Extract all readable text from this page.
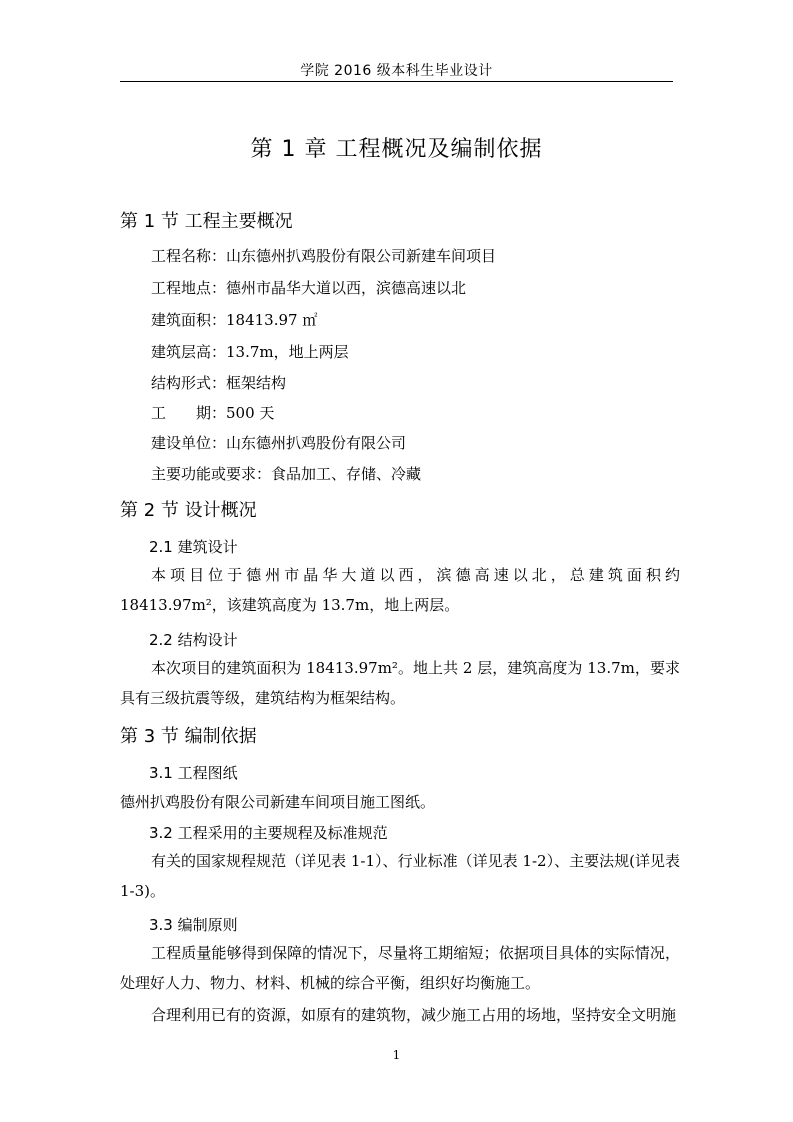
学院 2016 级本科生毕业设计
第 1 章 工程概况及编制依据
第 1 节 工程主要概况
工程名称：山东德州扒鸡股份有限公司新建车间项目
工程地点：德州市晶华大道以西，滨德高速以北
建筑面积：18413.97 ㎡
建筑层高：13.7m，地上两层
结构形式：框架结构
工　　期：500 天
建设单位：山东德州扒鸡股份有限公司
主要功能或要求：食品加工、存储、冷藏
第 2 节 设计概况
2.1 建筑设计
本项目位于德州市晶华大道以西，滨德高速以北，总建筑面积约 18413.97m²，该建筑高度为 13.7m，地上两层。
2.2 结构设计
本次项目的建筑面积为 18413.97m²。地上共 2 层，建筑高度为 13.7m，要求具有三级抗震等级，建筑结构为框架结构。
第 3 节 编制依据
3.1 工程图纸
德州扒鸡股份有限公司新建车间项目施工图纸。
3.2 工程采用的主要规程及标准规范
有关的国家规程规范（详见表 1-1）、行业标准（详见表 1-2）、主要法规(详见表 1-3)。
3.3 编制原则
工程质量能够得到保障的情况下，尽量将工期缩短；依据项目具体的实际情况，处理好人力、物力、材料、机械的综合平衡，组织好均衡施工。
合理利用已有的资源，如原有的建筑物，减少施工占用的场地，坚持安全文明施
1
